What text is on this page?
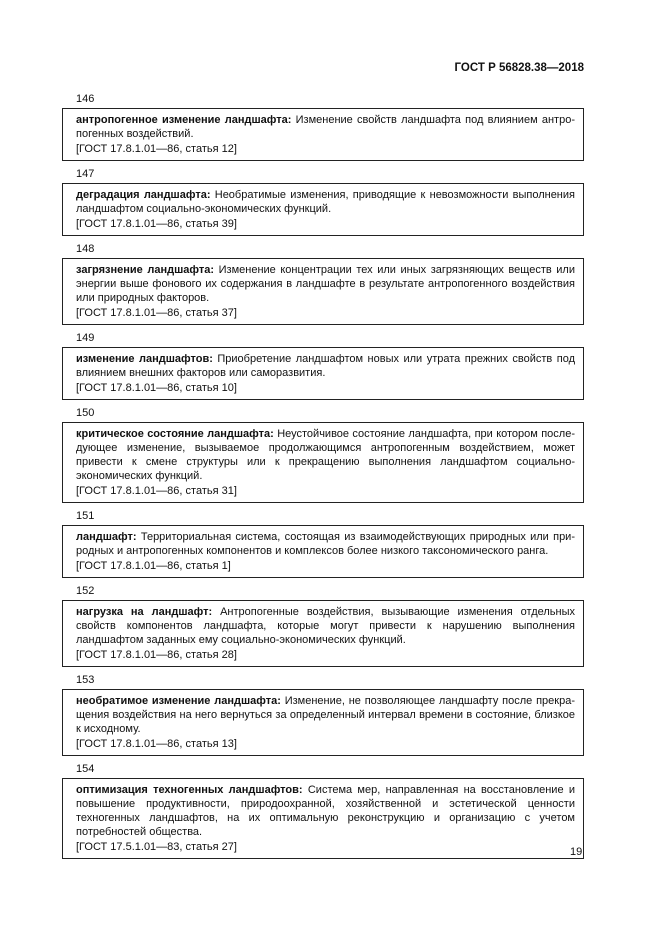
ГОСТ Р 56828.38—2018
146
антропогенное изменение ландшафта: Изменение свойств ландшафта под влиянием антро-погенных воздействий.
[ГОСТ 17.8.1.01—86, статья 12]
147
деградация ландшафта: Необратимые изменения, приводящие к невозможности выполнения ландшафтом социально-экономических функций.
[ГОСТ 17.8.1.01—86, статья 39]
148
загрязнение ландшафта: Изменение концентрации тех или иных загрязняющих веществ или энергии выше фонового их содержания в ландшафте в результате антропогенного воздействия или природных факторов.
[ГОСТ 17.8.1.01—86, статья 37]
149
изменение ландшафтов: Приобретение ландшафтом новых или утрата прежних свойств под влиянием внешних факторов или саморазвития.
[ГОСТ 17.8.1.01—86, статья 10]
150
критическое состояние ландшафта: Неустойчивое состояние ландшафта, при котором после-дующее изменение, вызываемое продолжающимся антропогенным воздействием, может привести к смене структуры или к прекращению выполнения ландшафтом социально-экономических функций.
[ГОСТ 17.8.1.01—86, статья 31]
151
ландшафт: Территориальная система, состоящая из взаимодействующих природных или при-родных и антропогенных компонентов и комплексов более низкого таксономического ранга.
[ГОСТ 17.8.1.01—86, статья 1]
152
нагрузка на ландшафт: Антропогенные воздействия, вызывающие изменения отдельных свойств компонентов ландшафта, которые могут привести к нарушению выполнения ландшафтом заданных ему социально-экономических функций.
[ГОСТ 17.8.1.01—86, статья 28]
153
необратимое изменение ландшафта: Изменение, не позволяющее ландшафту после прекра-щения воздействия на него вернуться за определенный интервал времени в состояние, близкое к исходному.
[ГОСТ 17.8.1.01—86, статья 13]
154
оптимизация техногенных ландшафтов: Система мер, направленная на восстановление и повышение продуктивности, природоохранной, хозяйственной и эстетической ценности техногенных ландшафтов, на их оптимальную реконструкцию и организацию с учетом потребностей общества.
[ГОСТ 17.5.1.01—83, статья 27]	19
